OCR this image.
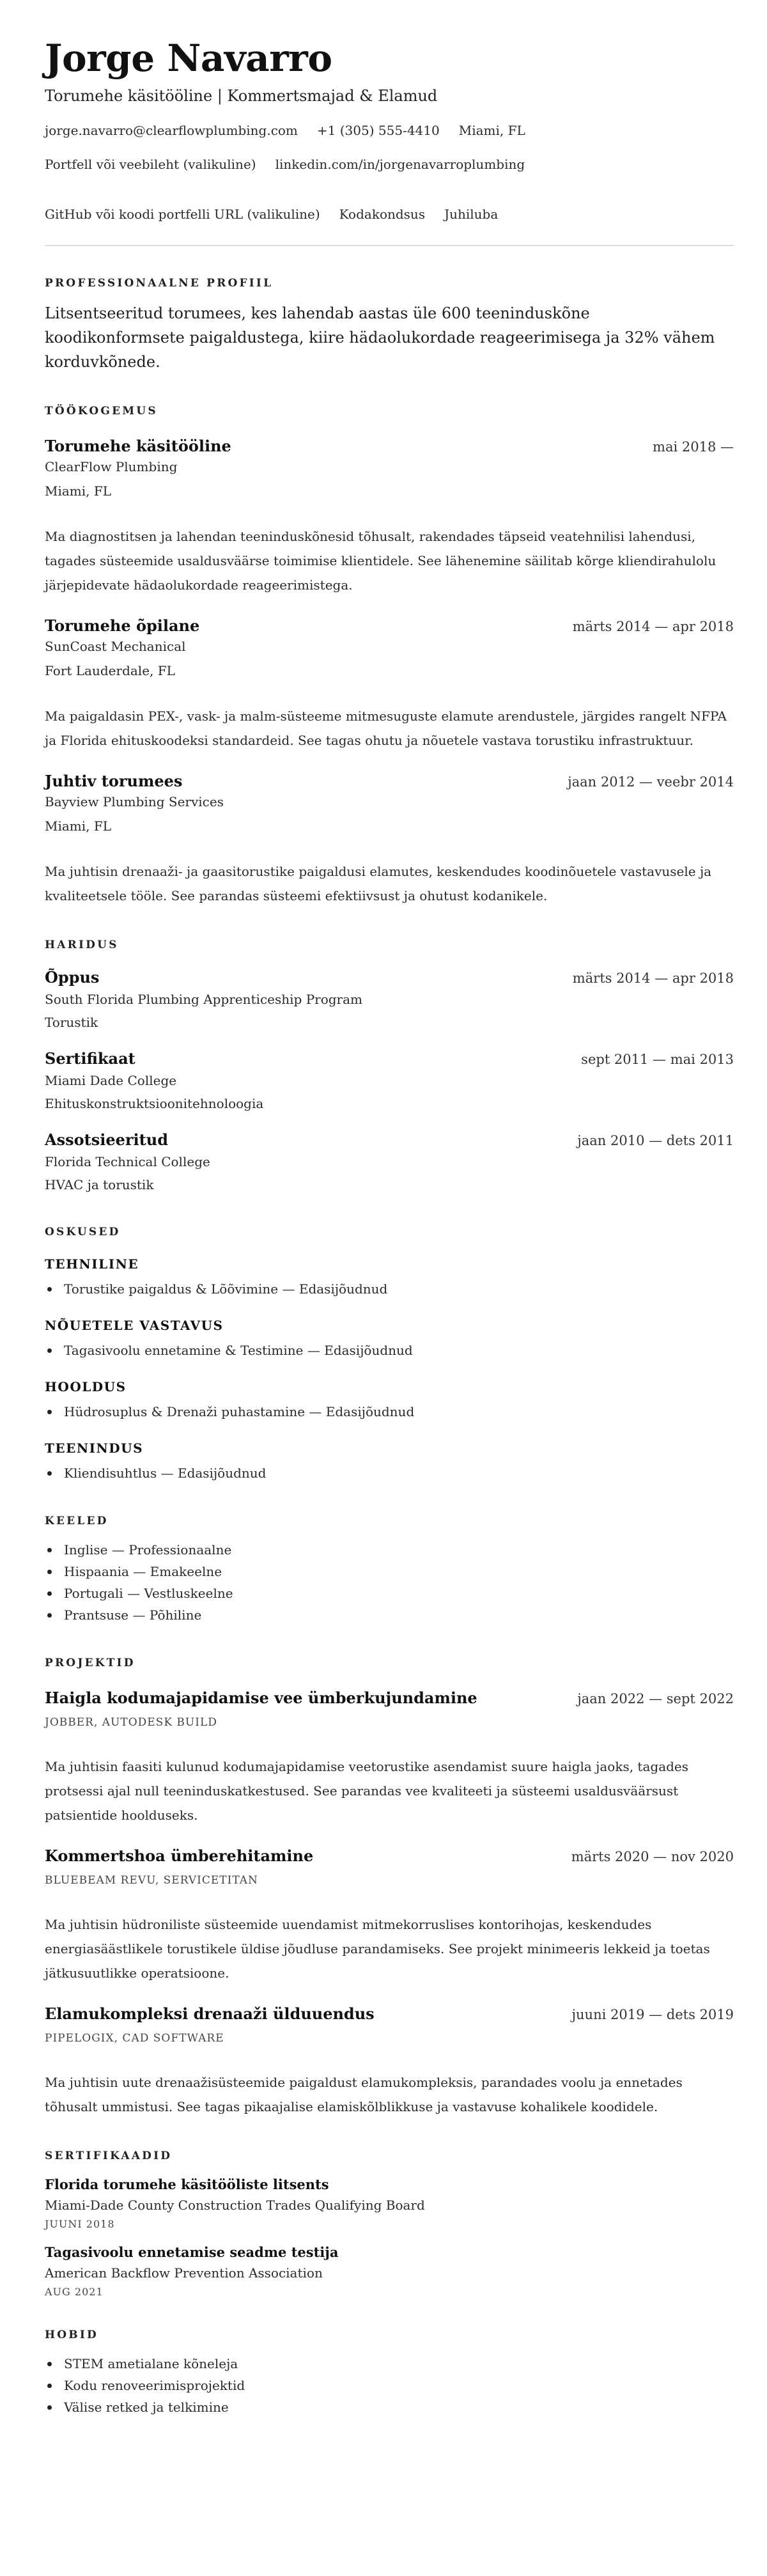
Jorge Navarro
Torumehe käsitööline | Kommertsmajad & Elamud
jorge.navarro@clearflowplumbing.com +1 (305) 555-4410 Miami, FL
Portfell või veebileht (valikuline) linkedin.com/in/jorgenavarroplumbing
GitHub või koodi portfelli URL (valikuline) Kodakondsus Juhiluba
PROFESSIONAALNE PROFIIL

Litsentseeritud torumees, kes lahendab aastas üle 600 teeninduskõne koodikonformsete paigaldustega, kiire hädaolukordade reageerimisega ja 32% vähem korduvkõnede.

TÖÖKOGEMUS
Torumehe käsitööline	mai 2018 —
ClearFlow Plumbing
Miami, FL

Ma diagnostitsen ja lahendan teeninduskõnesid tõhusalt, rakendades täpseid veatehnilisi lahendusi, tagades süsteemide usaldusväärse toimimise klientidele. See lähenemine säilitab kõrge kliendirahulolu järjepidevate hädaolukordade reageerimistega.

Torumehe õpilane	märts 2014 — apr 2018
SunCoast Mechanical
Fort Lauderdale, FL

Ma paigaldasin PEX-, vask- ja malm-süsteeme mitmesuguste elamute arendustele, järgides rangelt NFPA ja Florida ehituskoodeksi standardeid. See tagas ohutu ja nõuetele vastava torustiku infrastruktuur.

Juhtiv torumees	jaan 2012 — veebr 2014
Bayview Plumbing Services
Miami, FL

Ma juhtisin drenaaži- ja gaasitorustike paigaldusi elamutes, keskendudes koodinõuetele vastavusele ja kvaliteetsele tööle. See parandas süsteemi efektiivsust ja ohutust kodanikele.

HARIDUS
Õppus	märts 2014 — apr 2018
South Florida Plumbing Apprenticeship Program
Torustik
Sertifikaat	sept 2011 — mai 2013
Miami Dade College
Ehituskonstruktsioonitehnoloogia
Assotsieeritud	jaan 2010 — dets 2011
Florida Technical College
HVAC ja torustik
OSKUSED
TEHNILINE
Torustike paigaldus & Lõõvimine — Edasijõudnud
NÕUETELE VASTAVUS
Tagasivoolu ennetamine & Testimine — Edasijõudnud
HOOLDUS
Hüdrosuplus & Drenaži puhastamine — Edasijõudnud
TEENINDUS
Kliendisuhtlus — Edasijõudnud
KEELED
Inglise — Professionaalne
Hispaania — Emakeelne
Portugali — Vestluskeelne
Prantsuse — Põhiline
PROJEKTID
Haigla kodumajapidamise vee ümberkujundamine	jaan 2022 — sept 2022
JOBBER, AUTODESK BUILD

Ma juhtisin faasiti kulunud kodumajapidamise veetorustike asendamist suure haigla jaoks, tagades protsessi ajal null teeninduskatkestused. See parandas vee kvaliteeti ja süsteemi usaldusväärsust patsientide hoolduseks.

Kommertshoa ümberehitamine	märts 2020 — nov 2020
BLUEBEAM REVU, SERVICETITAN

Ma juhtisin hüdroniliste süsteemide uuendamist mitmekorruslises kontorihojas, keskendudes energiasäästlikele torustikele üldise jõudluse parandamiseks. See projekt minimeeris lekkeid ja toetas jätkusuutlikke operatsioone.

Elamukompleksi drenaaži ülduuendus	juuni 2019 — dets 2019
PIPELOGIX, CAD SOFTWARE

Ma juhtisin uute drenaažisüsteemide paigaldust elamukompleksis, parandades voolu ja ennetades tõhusalt ummistusi. See tagas pikaajalise elamiskõlblikkuse ja vastavuse kohalikele koodidele.

SERTIFIKAADID
Florida torumehe käsitööliste litsents
Miami-Dade County Construction Trades Qualifying Board
JUUNI 2018
Tagasivoolu ennetamise seadme testija
American Backflow Prevention Association
AUG 2021
HOBID
STEM ametialane kõneleja
Kodu renoveerimisprojektid
Välise retked ja telkimine
